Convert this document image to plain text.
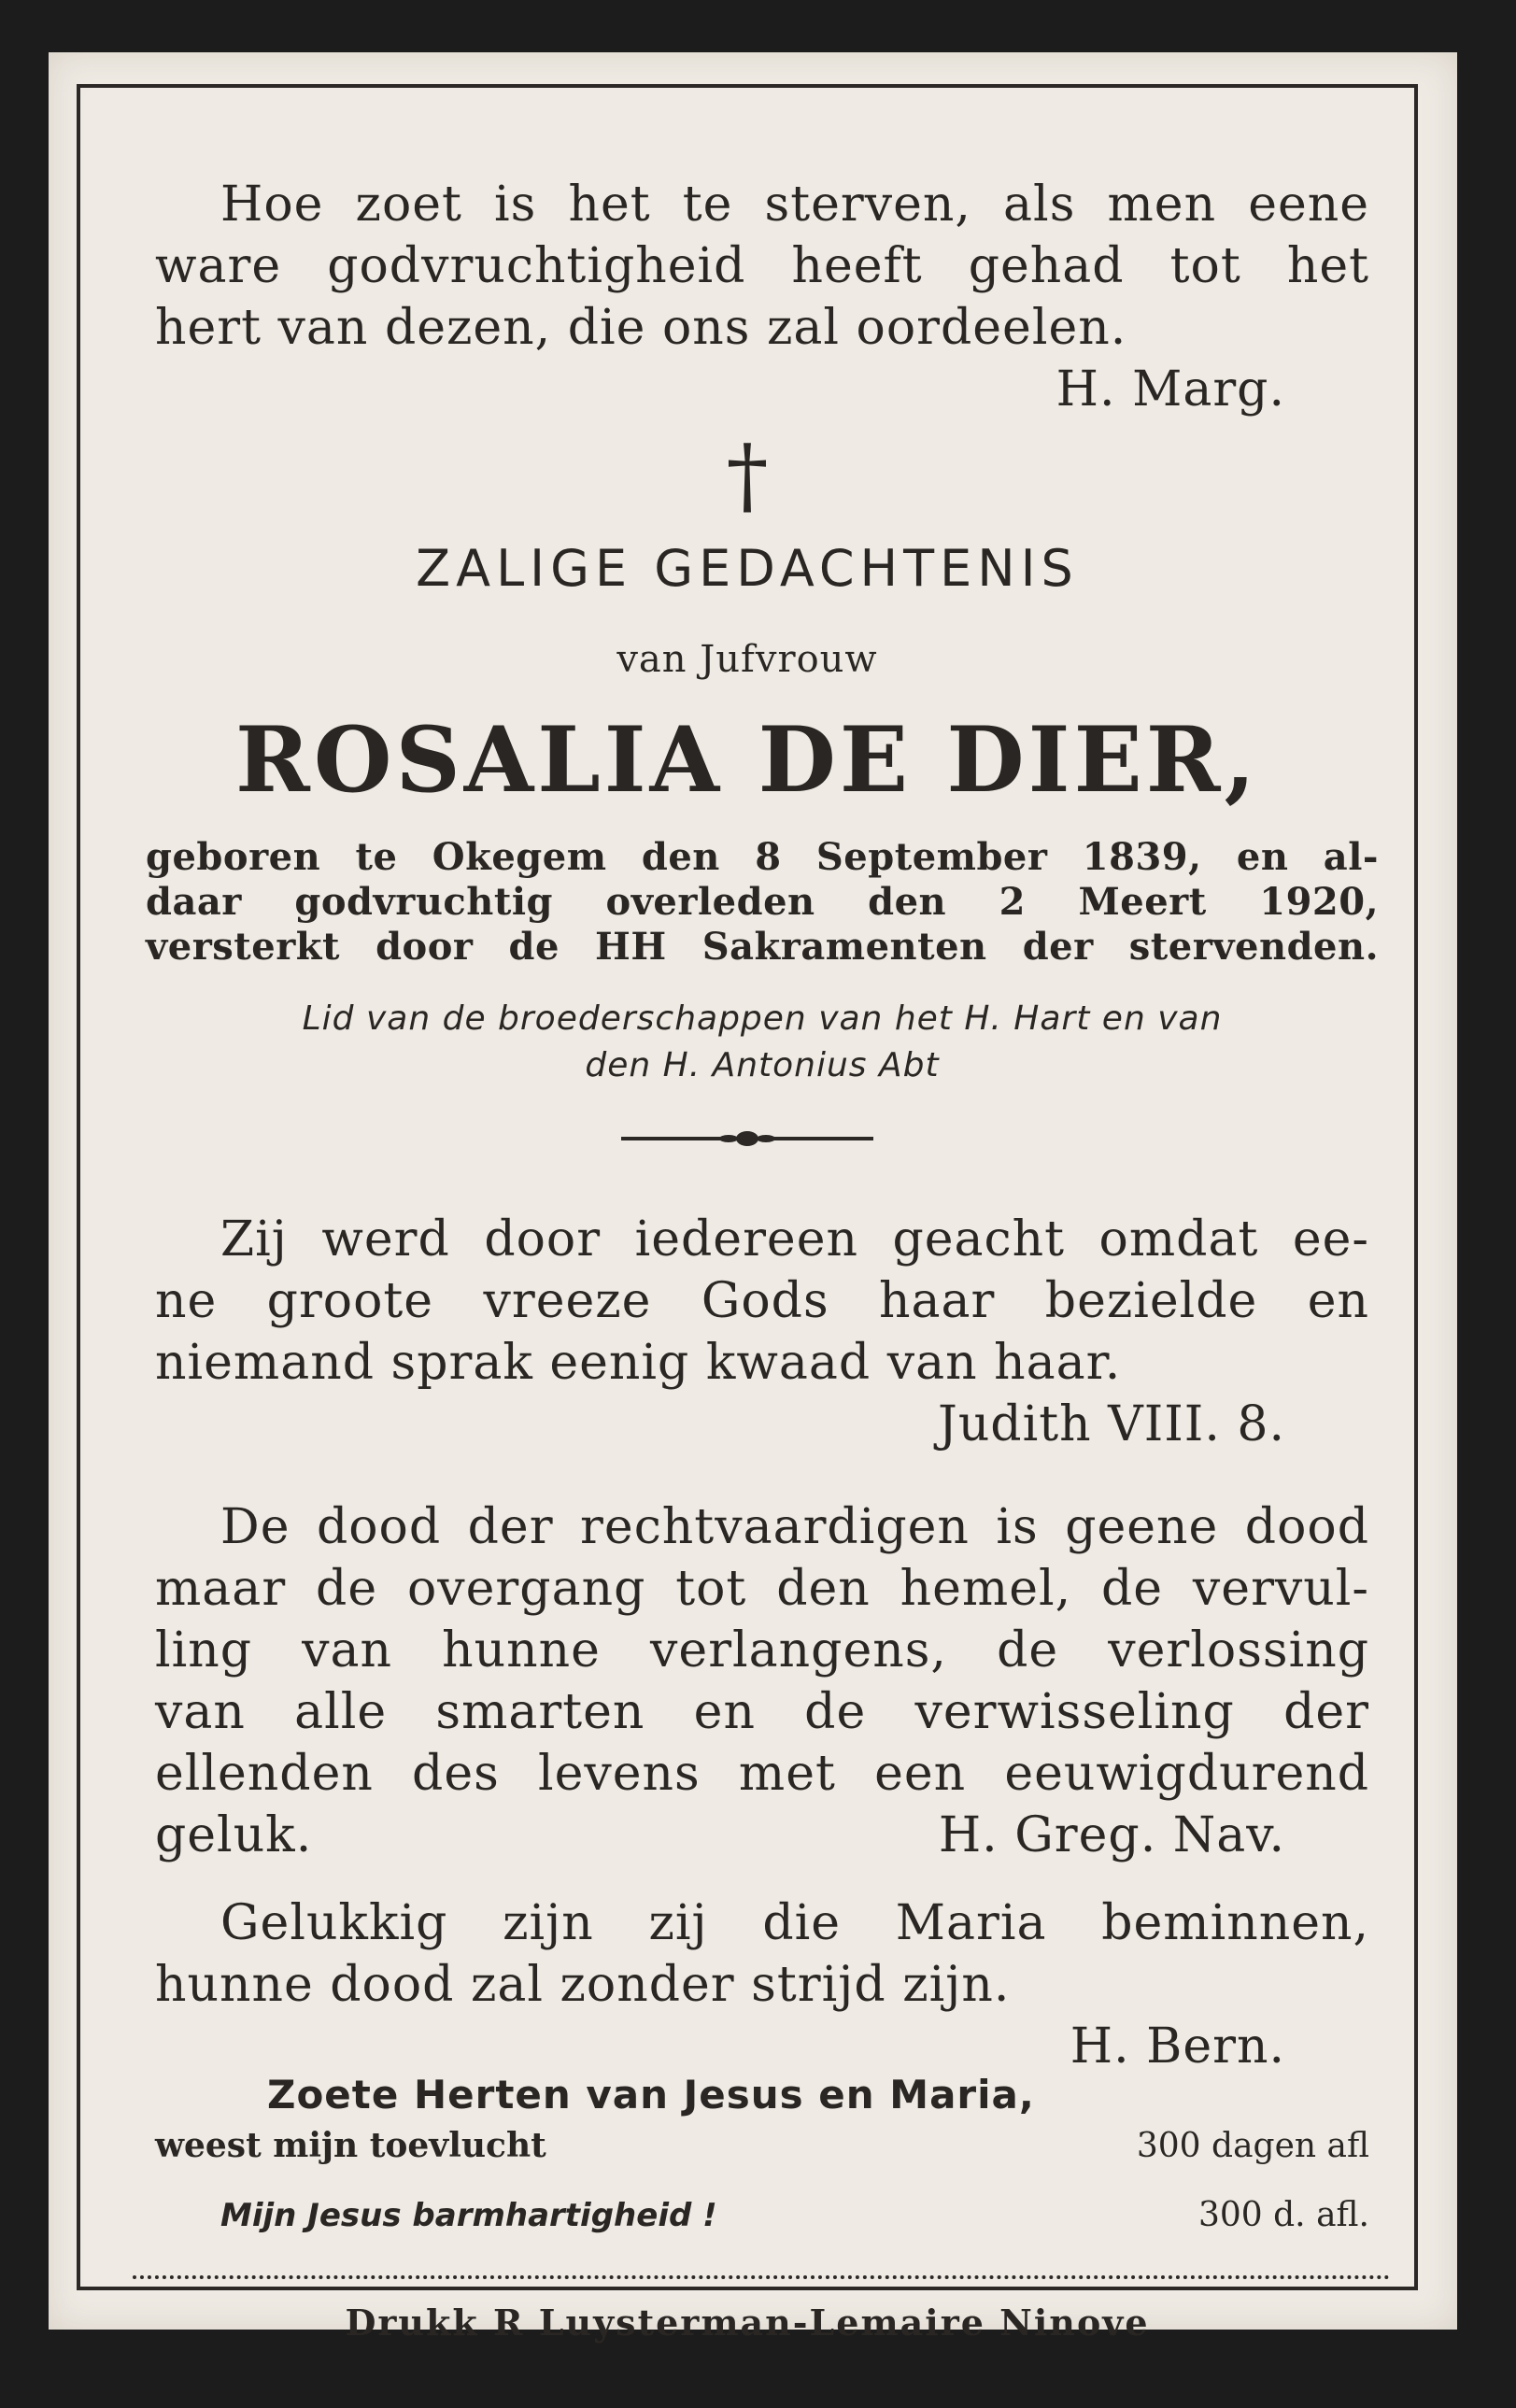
Hoe zoet is het te sterven, als men eene
ware godvruchtigheid heeft gehad tot het
hert van dezen, die ons zal oordeelen.
H. Marg.
†
ZALIGE GEDACHTENIS
van Jufvrouw
ROSALIA DE DIER,
geboren te Okegem den 8 September 1839, en al-
daar godvruchtig overleden den 2 Meert 1920,
versterkt door de HH Sakramenten der stervenden.
Lid van de broederschappen van het H. Hart en van
den H. Antonius Abt
Zij werd door iedereen geacht omdat ee-
ne groote vreeze Gods haar bezielde en
niemand sprak eenig kwaad van haar.
Judith VIII. 8.
De dood der rechtvaardigen is geene dood
maar de overgang tot den hemel, de vervul-
ling van hunne verlangens, de verlossing
van alle smarten en de verwisseling der
ellenden des levens met een eeuwigdurend
geluk.	H. Greg. Nav.
Gelukkig zijn zij die Maria beminnen,
hunne dood zal zonder strijd zijn.
H. Bern.
Zoete Herten van Jesus en Maria,
weest mijn toevlucht	300 dagen afl
Mijn Jesus barmhartigheid !	300 d. afl.
Drukk R Luysterman-Lemaire Ninove
